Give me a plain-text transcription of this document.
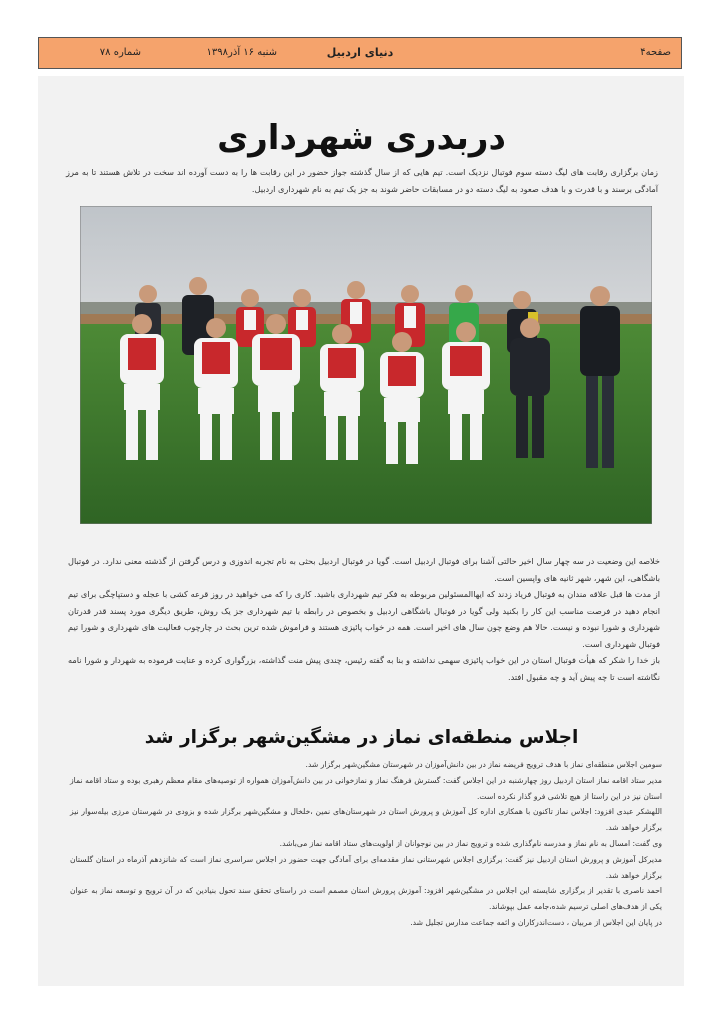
صفحه۴
دنیای اردبیل
شنبه ۱۶ آذر۱۳۹۸
شماره ۷۸
دربدری شهرداری
زمان برگزاری رقابت های لیگ دسته سوم فوتبال نزدیک است. تیم هایی که از سال گذشته جواز حضور در این رقابت ها را به دست آورده اند سخت در تلاش هستند تا به مرز آمادگی برسند و با قدرت و با هدف صعود به لیگ دسته دو در مسابقات حاضر شوند به جز یک تیم به نام شهرداری اردبیل.

خلاصه این وضعیت در سه چهار سال اخیر حالتی آشنا برای فوتبال اردبیل است. گویا در فوتبال اردبیل بحثی به نام تجربه اندوزی و درس گرفتن از گذشته معنی ندارد. در فوتبال باشگاهی، این شهر، شهر ثانیه های واپسین است.

از مدت ها قبل علاقه مندان به فوتبال فریاد زدند که ایهاالمسئولین مربوطه به فکر تیم شهرداری باشید. کاری را که می خواهید در روز قرعه کشی با عجله و دستپاچگی برای تیم انجام دهید در فرصت مناسب این کار را بکنید ولی گویا در فوتبال باشگاهی اردبیل و بخصوص در رابطه با تیم شهرداری جز یک روش، طریق دیگری مورد پسند قدر قدرتان شهرداری و شورا نبوده و نیست. حالا هم وضع چون سال های اخیر است. همه در خواب پائیزی هستند و فراموش شده ترین بحث در چارچوب فعالیت های شهرداری و شورا تیم فوتبال شهرداری است.

باز خدا را شکر که هیأت فوتبال استان در این خواب پائیزی سهمی نداشته و بنا به گفته رئیس، چندی پیش منت گذاشته، بزرگواری کرده و عنایت فرموده به شهردار و شورا نامه نگاشته است تا چه پیش آید و چه مقبول افتد.

اجلاس منطقه‌ای نماز در مشگین‌شهر برگزار شد

سومین اجلاس منطقه‌ای نماز با هدف ترویج فریضه نماز در بین دانش‌آموزان در شهرستان مشگین‌شهر برگزار شد.

مدیر ستاد اقامه نماز استان اردبیل روز چهارشنبه در این اجلاس گفت: گسترش فرهنگ نماز و نمازخوانی در بین دانش‌آموزان همواره از توصیه‌های مقام معظم رهبری بوده و ستاد اقامه نماز استان نیز در این راستا از هیچ تلاشی فرو گذار نکرده است.

اللهشکر عبدی افزود: اجلاس نماز تاکنون با همکاری اداره کل آموزش و پرورش استان در شهرستان‌های نمین ،خلخال و مشگین‌شهر برگزار شده و بزودی در شهرستان مرزی بیله‌سوار نیز برگزار خواهد شد.

وی گفت: امسال به نام نماز و مدرسه نام‌گذاری شده و ترویج نماز در بین نوجوانان از اولویت‌های ستاد اقامه نماز می‌باشد.

مدیرکل آموزش و پرورش استان اردبیل نیز گفت: برگزاری اجلاس شهرستانی نماز مقدمه‌ای برای آمادگی جهت حضور در اجلاس سراسری نماز است که شانزدهم آذرماه در استان گلستان برگزار خواهد شد.

احمد ناصری با تقدیر از برگزاری شایسته این اجلاس در مشگین‌شهر افزود: آموزش پرورش استان مصمم است در راستای تحقق سند تحول بنیادین که در آن ترویج و توسعه نماز به عنوان یکی از هدف‌های اصلی ترسیم شده،جامه عمل بپوشاند.

در پایان این اجلاس از مربیان ، دست‌اندرکاران و ائمه جماعت مدارس تجلیل شد.
